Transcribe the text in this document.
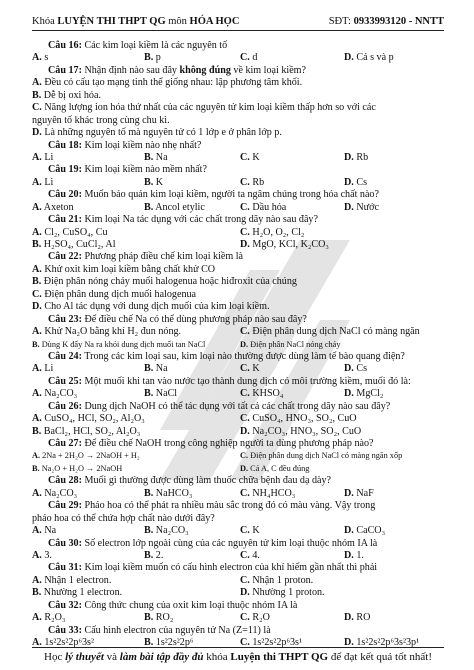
Khóa LUYỆN THI THPT QG môn HÓA HỌC	SĐT: 0933993120 - NNTT
Câu 16: Các kim loại kiềm là các nguyên tố
A. s	B. p	C. d	D. Cả s và p
Câu 17: Nhận định nào sau đây không đúng về kim loại kiềm?
A. Đều có cấu tạo mạng tinh thể giống nhau: lập phương tâm khối.
B. Dễ bị oxi hóa.
C. Năng lượng ion hóa thứ nhất của các nguyên tử kim loại kiềm thấp hơn so với các
nguyên tố khác trong cùng chu kì.
D. Là những nguyên tố mà nguyên tử có 1 lớp e ở phân lớp p.
Câu 18: Kim loại kiềm nào nhẹ nhất?
A. Li	B. Na	C. K	D. Rb
Câu 19: Kim loại kiềm nào mềm nhất?
A. Li	B. K	C. Rb	D. Cs
Câu 20: Muốn bảo quản kim loại kiềm, người ta ngâm chúng trong hóa chất nào?
A. Axeton	B. Ancol etylic	C. Dầu hỏa	D. Nước
Câu 21: Kim loại Na tác dụng với các chất trong dãy nào sau đây?
A. Cl₂, CuSO₄, Cu	C. H₂O, O₂, Cl₂
B. H₂SO₄, CuCl₂, Al	D. MgO, KCl, K₂CO₃
Câu 22: Phương pháp điều chế kim loại kiềm là
A. Khử oxit kim loại kiềm bằng chất khử CO
B. Điện phân nóng chảy muối halogenua hoặc hiđroxit của chúng
C. Điện phân dung dịch muối halogenua
D. Cho Al tác dụng với dung dịch muối của kim loại kiềm.
Câu 23: Để điều chế Na có thể dùng phương pháp nào sau đây?
A. Khử Na₂O bằng khí H₂ đun nóng.	C. Điện phân dung dịch NaCl có màng ngăn
B. Dùng K đẩy Na ra khỏi dung dịch muối tan NaCl	D. Điện phân NaCl nóng chảy
Câu 24: Trong các kim loại sau, kim loại nào thường được dùng làm tế bào quang điện?
A. Li	B. Na	C. K	D. Cs
Câu 25: Một muối khi tan vào nước tạo thành dung dịch có môi trường kiềm, muối đó là:
A. Na₂CO₃	B. NaCl	C. KHSO₄	D. MgCl₂
Câu 26: Dung dịch NaOH có thể tác dụng với tất cả các chất trong dãy nào sau đây?
A. CuSO₄, HCl, SO₂, Al₂O₃	C. CuSO₄, HNO₃, SO₂, CuO
B. BaCl₂, HCl, SO₂, Al₂O₃	D. Na₂CO₃, HNO₃, SO₂, CuO
Câu 27: Để điều chế NaOH trong công nghiệp người ta dùng phương pháp nào?
A. 2Na + 2H₂O → 2NaOH + H₂	C. Điện phân dung dịch NaCl có màng ngăn xốp
B. Na₂O + H₂O → 2NaOH	D. Cả A, C đều đúng
Câu 28: Muối gì thường được dùng làm thuốc chữa bệnh đau dạ dày?
A. Na₂CO₃	B. NaHCO₃	C. NH₄HCO₃	D. NaF
Câu 29: Pháo hoa có thể phát ra nhiều màu sắc trong đó có màu vàng. Vậy trong
pháo hoa có thể chứa hợp chất nào dưới đây?
A. Na	B. Na₂CO₃	C. K	D. CaCO₃
Câu 30: Số electron lớp ngoài cùng của các nguyên tử kim loại thuộc nhóm IA là
A. 3.	B. 2.	C. 4.	D. 1.
Câu 31: Kim loại kiềm muốn có cấu hình electron của khí hiếm gần nhất thì phải
A. Nhận 1 electron.	C. Nhận 1 proton.
B. Nhường 1 electron.	D. Nhường 1 proton.
Câu 32: Công thức chung của oxit kim loại thuộc nhóm IA là
A. R₂O₃	B. RO₂	C. R₂O	D. RO
Câu 33: Cấu hình electron của nguyên tử Na (Z=11) là
A. 1s²2s²2p⁶3s²	B. 1s²2s²2p⁶	C. 1s²2s²2p⁶3s¹	D. 1s²2s²2p⁶3s²3p¹
Học lý thuyết và làm bài tập đầy đủ khóa Luyện thi THPT QG để đạt kết quả tốt nhất!
